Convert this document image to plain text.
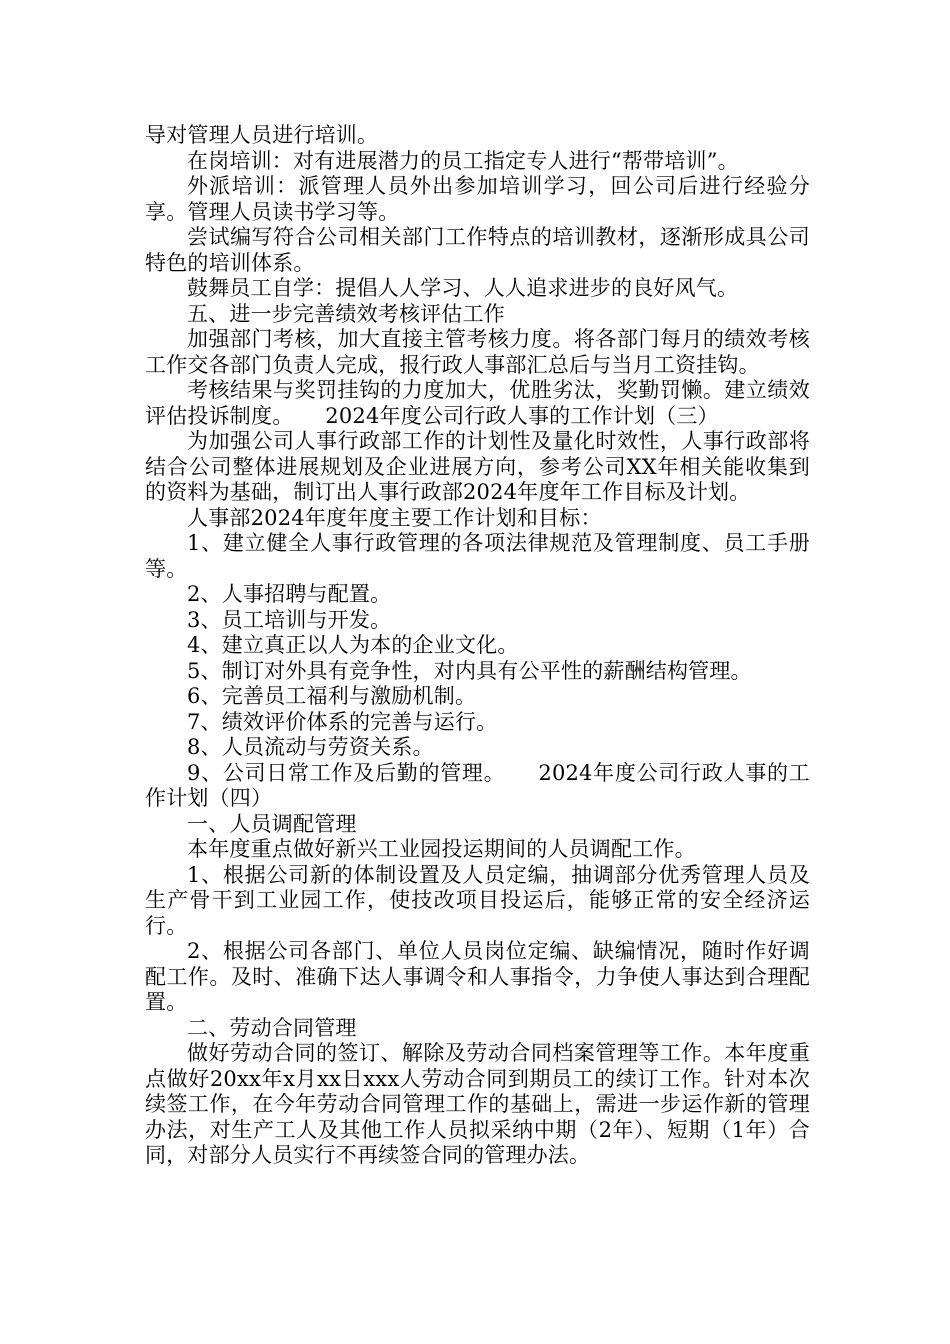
导对管理人员进行培训。

在岗培训：对有进展潜力的员工指定专人进行“帮带培训”。

外派培训：派管理人员外出参加培训学习，回公司后进行经验分享。管理人员读书学习等。

尝试编写符合公司相关部门工作特点的培训教材，逐渐形成具公司特色的培训体系。

鼓舞员工自学：提倡人人学习、人人追求进步的良好风气。

五、进一步完善绩效考核评估工作

加强部门考核，加大直接主管考核力度。将各部门每月的绩效考核工作交各部门负责人完成，报行政人事部汇总后与当月工资挂钩。

考核结果与奖罚挂钩的力度加大，优胜劣汰，奖勤罚懒。建立绩效评估投诉制度。　　2024年度公司行政人事的工作计划（三）

为加强公司人事行政部工作的计划性及量化时效性，人事行政部将结合公司整体进展规划及企业进展方向，参考公司XX年相关能收集到的资料为基础，制订出人事行政部2024年度年工作目标及计划。

人事部2024年度年度主要工作计划和目标：

1、建立健全人事行政管理的各项法律规范及管理制度、员工手册等。

2、人事招聘与配置。

3、员工培训与开发。

4、建立真正以人为本的企业文化。

5、制订对外具有竞争性，对内具有公平性的薪酬结构管理。

6、完善员工福利与激励机制。

7、绩效评价体系的完善与运行。

8、人员流动与劳资关系。

9、公司日常工作及后勤的管理。　　2024年度公司行政人事的工作计划（四）

一、人员调配管理

本年度重点做好新兴工业园投运期间的人员调配工作。

1、根据公司新的体制设置及人员定编，抽调部分优秀管理人员及生产骨干到工业园工作，使技改项目投运后，能够正常的安全经济运行。

2、根据公司各部门、单位人员岗位定编、缺编情况，随时作好调配工作。及时、准确下达人事调令和人事指令，力争使人事达到合理配置。

二、劳动合同管理

做好劳动合同的签订、解除及劳动合同档案管理等工作。本年度重点做好20xx年x月xx日xxx人劳动合同到期员工的续订工作。针对本次续签工作，在今年劳动合同管理工作的基础上，需进一步运作新的管理办法，对生产工人及其他工作人员拟采纳中期（2年）、短期（1年）合同，对部分人员实行不再续签合同的管理办法。
